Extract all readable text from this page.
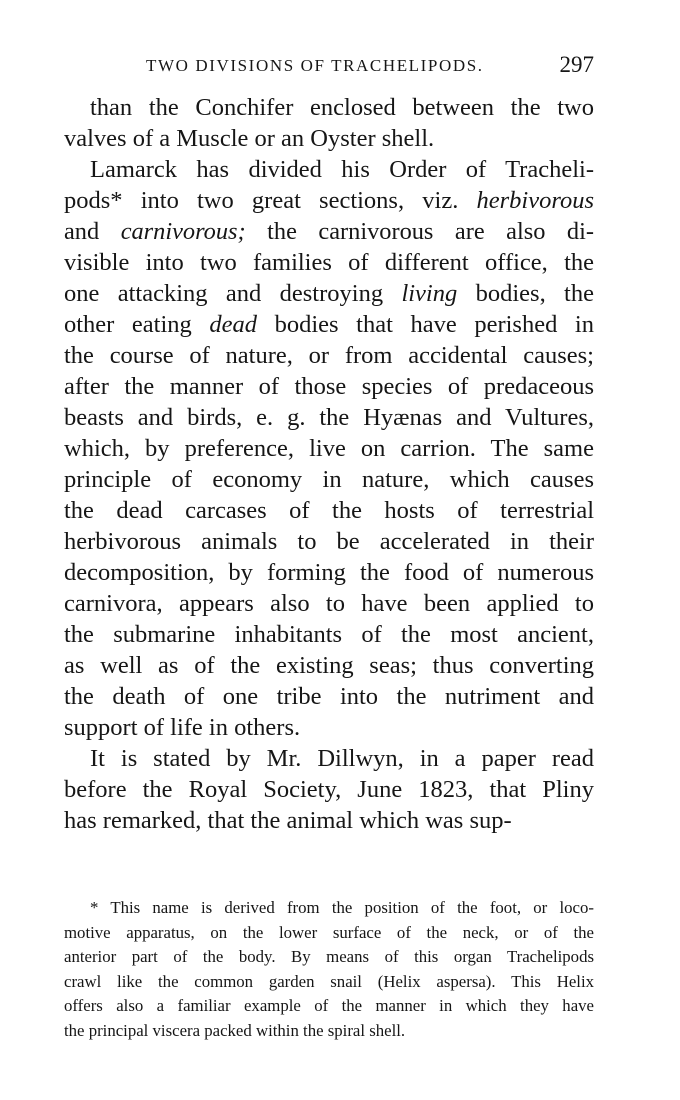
TWO DIVISIONS OF TRACHELIPODS.	297
than the Conchifer enclosed between the two
valves of a Muscle or an Oyster shell.
Lamarck has divided his Order of Tracheli-
pods* into two great sections, viz. herbivorous
and carnivorous; the carnivorous are also di-
visible into two families of different office, the
one attacking and destroying living bodies, the
other eating dead bodies that have perished in
the course of nature, or from accidental causes;
after the manner of those species of predaceous
beasts and birds, e. g. the Hyænas and Vultures,
which, by preference, live on carrion. The same
principle of economy in nature, which causes
the dead carcases of the hosts of terrestrial
herbivorous animals to be accelerated in their
decomposition, by forming the food of numerous
carnivora, appears also to have been applied to
the submarine inhabitants of the most ancient,
as well as of the existing seas; thus converting
the death of one tribe into the nutriment and
support of life in others.
It is stated by Mr. Dillwyn, in a paper read
before the Royal Society, June 1823, that Pliny
has remarked, that the animal which was sup-
* This name is derived from the position of the foot, or loco-
motive apparatus, on the lower surface of the neck, or of the
anterior part of the body. By means of this organ Trachelipods
crawl like the common garden snail (Helix aspersa). This Helix
offers also a familiar example of the manner in which they have
the principal viscera packed within the spiral shell.
